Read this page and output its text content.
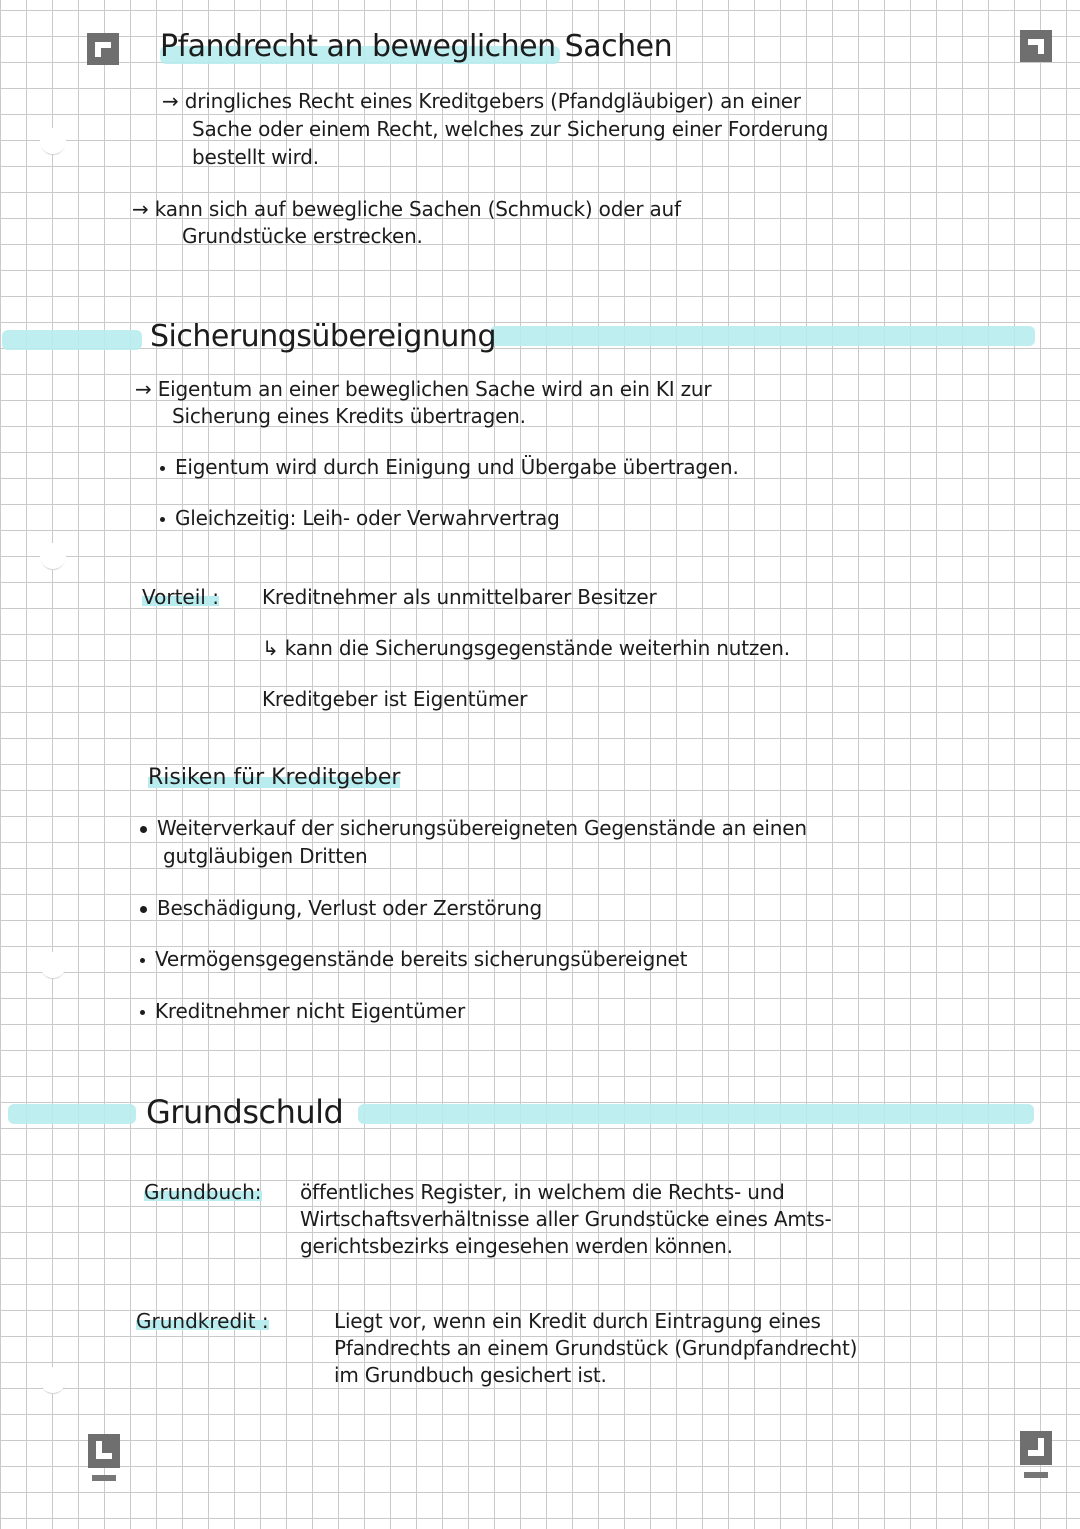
Pfandrecht an beweglichen Sachen
→ dringliches Recht eines Kreditgebers (Pfandgläubiger) an einer
Sache oder einem Recht, welches zur Sicherung einer Forderung
bestellt wird.
→ kann sich auf bewegliche Sachen (Schmuck) oder auf
Grundstücke erstrecken.
Sicherungsübereignung
→ Eigentum an einer beweglichen Sache wird an ein KI zur
Sicherung eines Kredits übertragen.
Eigentum wird durch Einigung und Übergabe übertragen.
Gleichzeitig: Leih- oder Verwahrvertrag
Vorteil : Kreditnehmer als unmittelbarer Besitzer
↳ kann die Sicherungsgegenstände weiterhin nutzen.
Kreditgeber ist Eigentümer
Risiken für Kreditgeber
Weiterverkauf der sicherungsübereigneten Gegenstände an einen
gutgläubigen Dritten
Beschädigung, Verlust oder Zerstörung
Vermögensgegenstände bereits sicherungsübereignet
Kreditnehmer nicht Eigentümer
Grundschuld
Grundbuch: öffentliches Register, in welchem die Rechts- und
Wirtschaftsverhältnisse aller Grundstücke eines Amts-
gerichtsbezirks eingesehen werden können.
Grundkredit :	Liegt vor, wenn ein Kredit durch Eintragung eines
Pfandrechts an einem Grundstück (Grundpfandrecht)
im Grundbuch gesichert ist.
